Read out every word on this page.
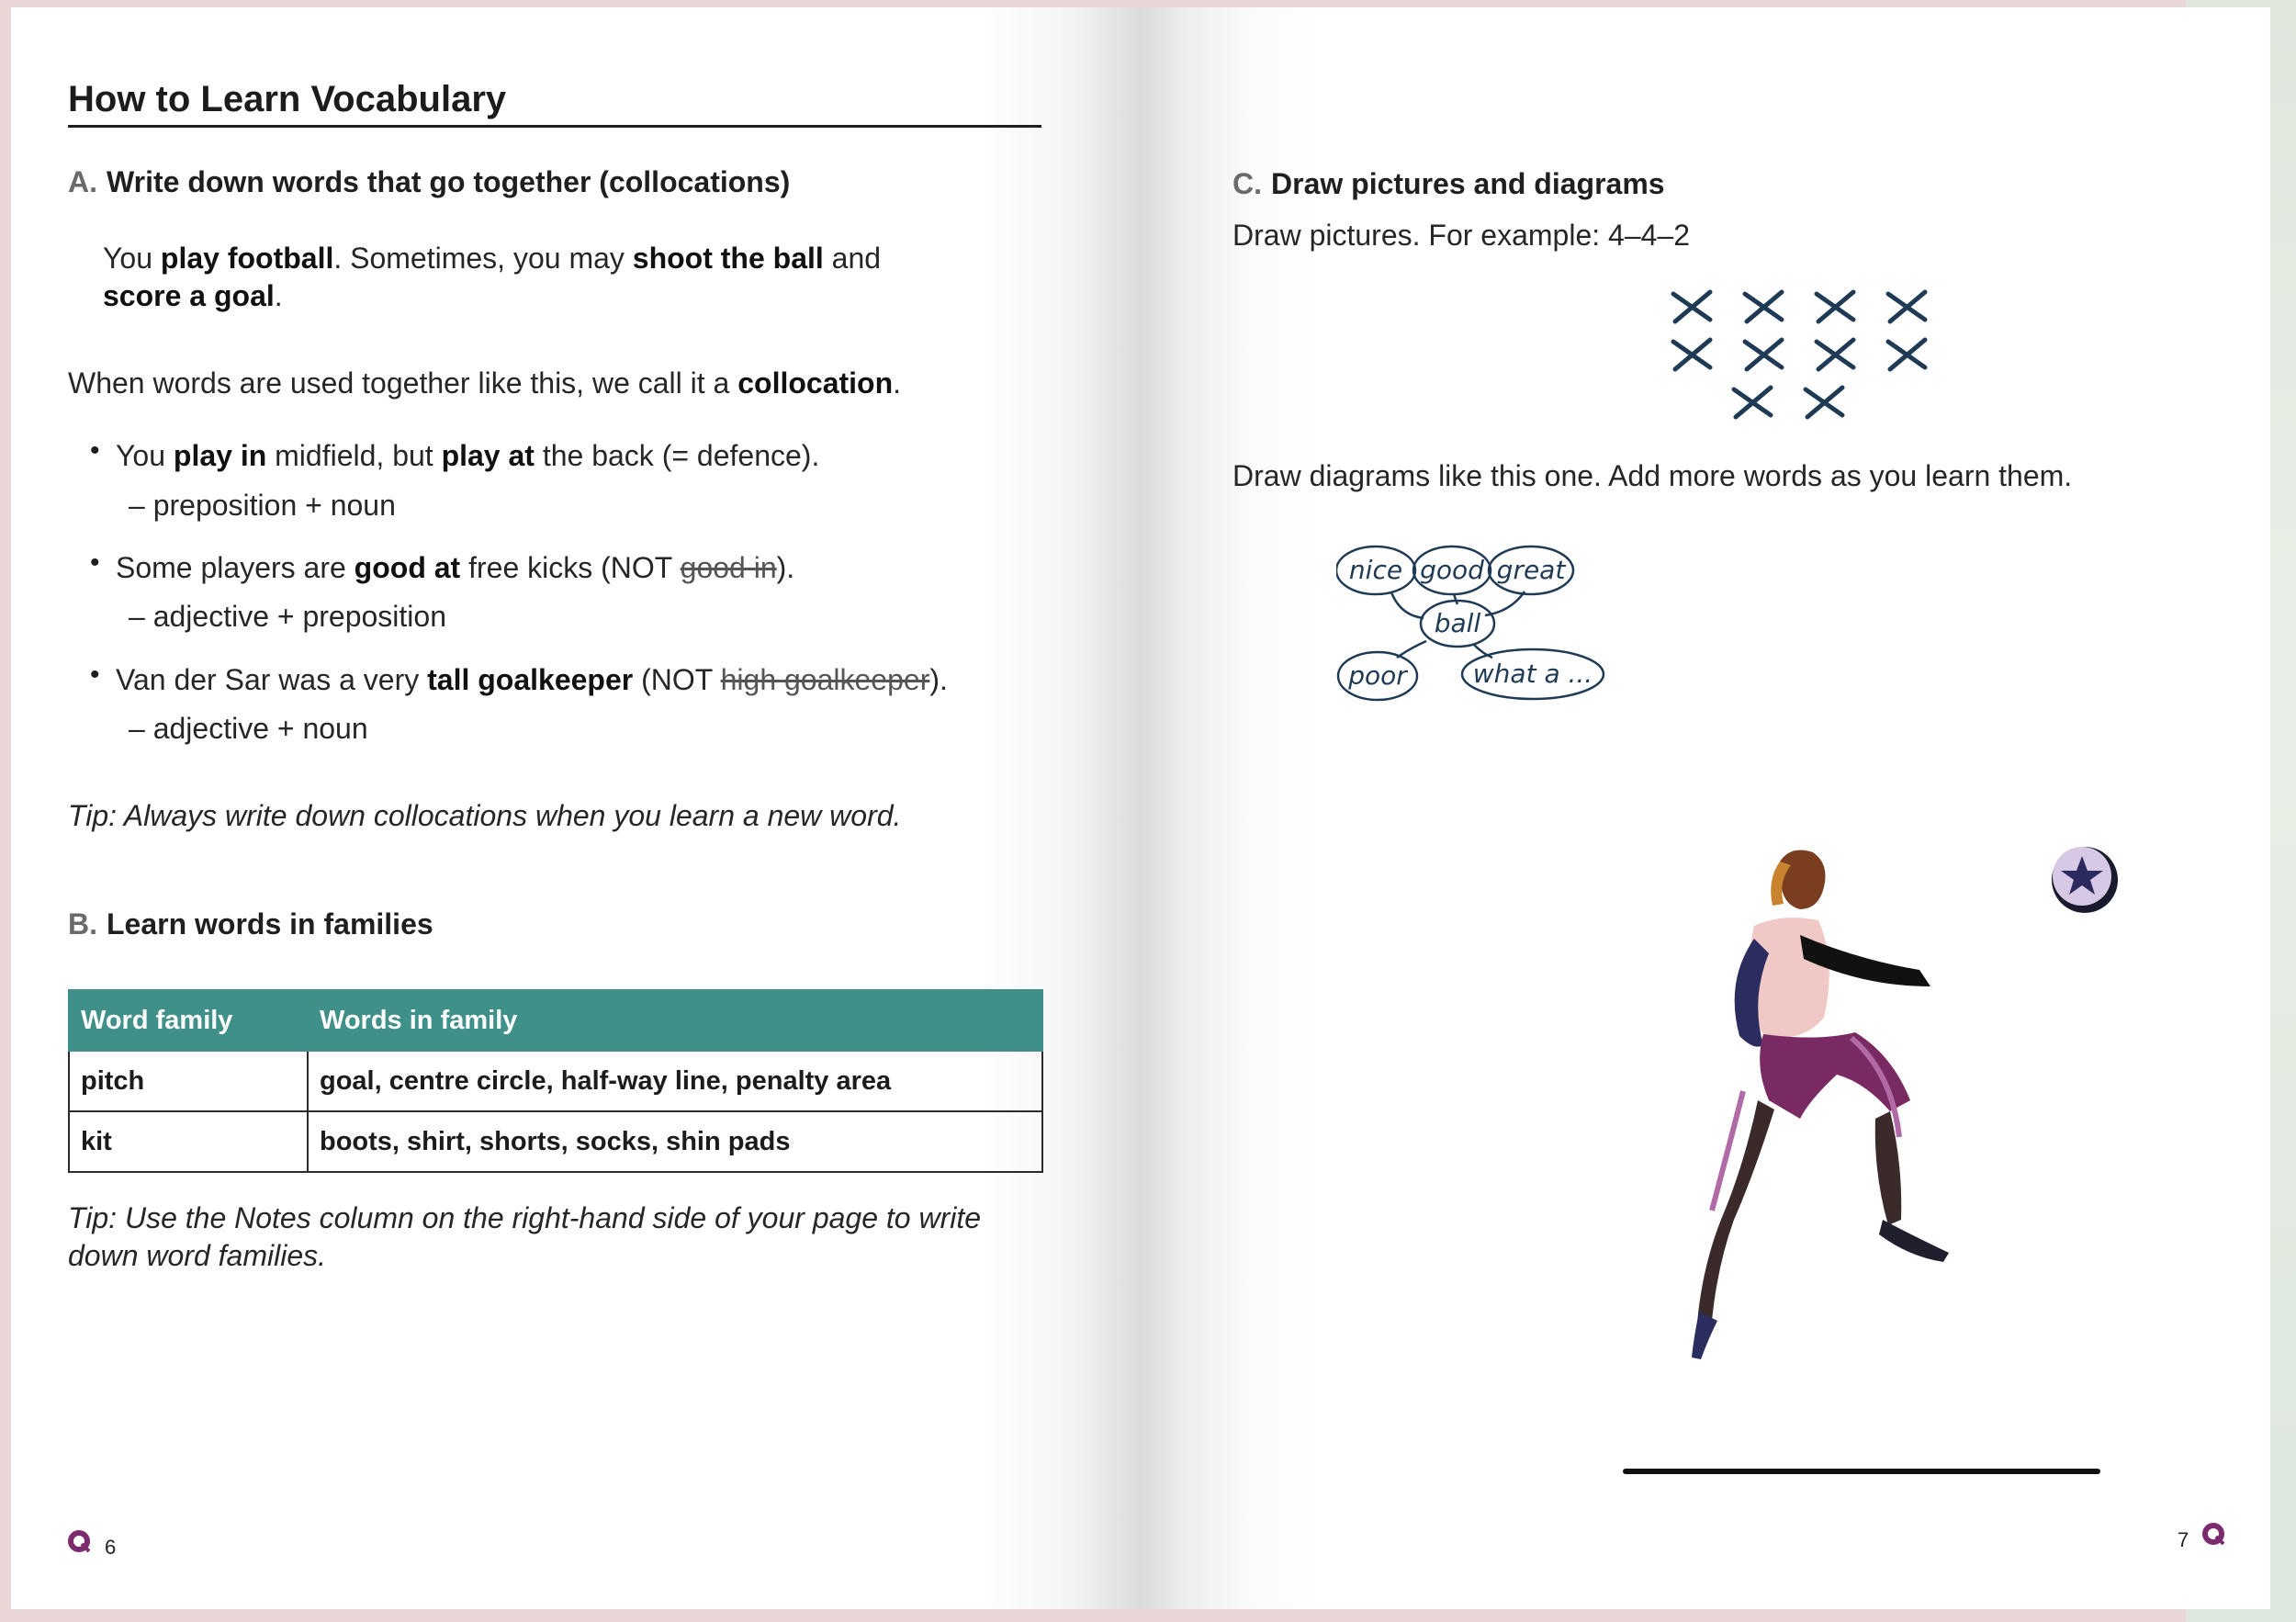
How to Learn Vocabulary
A. Write down words that go together (collocations)
You play football. Sometimes, you may shoot the ball and
score a goal.
When words are used together like this, we call it a collocation.
• You play in midfield, but play at the back (= defence).
– preposition + noun
• Some players are good at free kicks (NOT good in).
– adjective + preposition
• Van der Sar was a very tall goalkeeper (NOT high goalkeeper).
– adjective + noun
Tip: Always write down collocations when you learn a new word.
B. Learn words in families
Word family	Words in family
pitch	goal, centre circle, half-way line, penalty area
kit	boots, shirt, shorts, socks, shin pads
Tip: Use the Notes column on the right-hand side of your page to write
down word families.
6
C. Draw pictures and diagrams
Draw pictures. For example: 4–4–2
Draw diagrams like this one. Add more words as you learn them.
nice good great
ball
poor	what a ...
7
